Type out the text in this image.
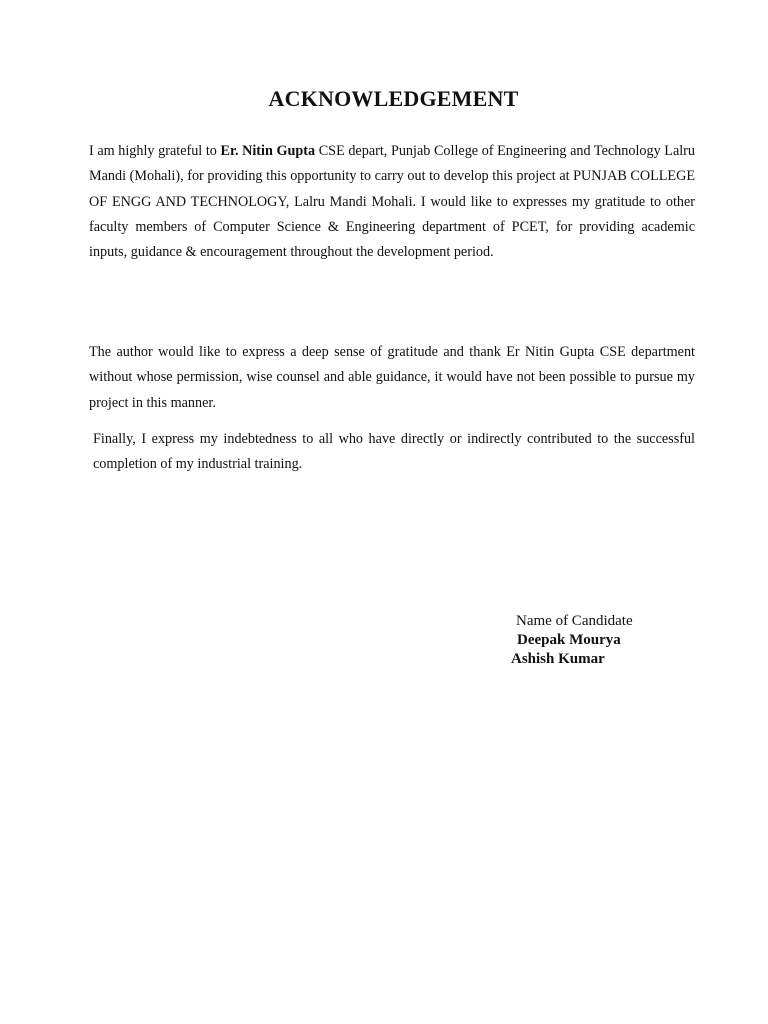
ACKNOWLEDGEMENT

I am highly grateful to Er. Nitin Gupta CSE depart, Punjab College of Engineering and Technology Lalru Mandi (Mohali), for providing this opportunity to carry out to develop this project at PUNJAB COLLEGE OF ENGG AND TECHNOLOGY, Lalru Mandi Mohali. I would like to expresses my gratitude to other faculty members of Computer Science & Engineering department of PCET, for providing academic inputs, guidance & encouragement throughout the development period.

The author would like to express a deep sense of gratitude and thank Er Nitin Gupta CSE department without whose permission, wise counsel and able guidance, it would have not been possible to pursue my project in this manner.

Finally, I express my indebtedness to all who have directly or indirectly contributed to the successful completion of my industrial training.

Name of Candidate
Deepak Mourya
Ashish Kumar
